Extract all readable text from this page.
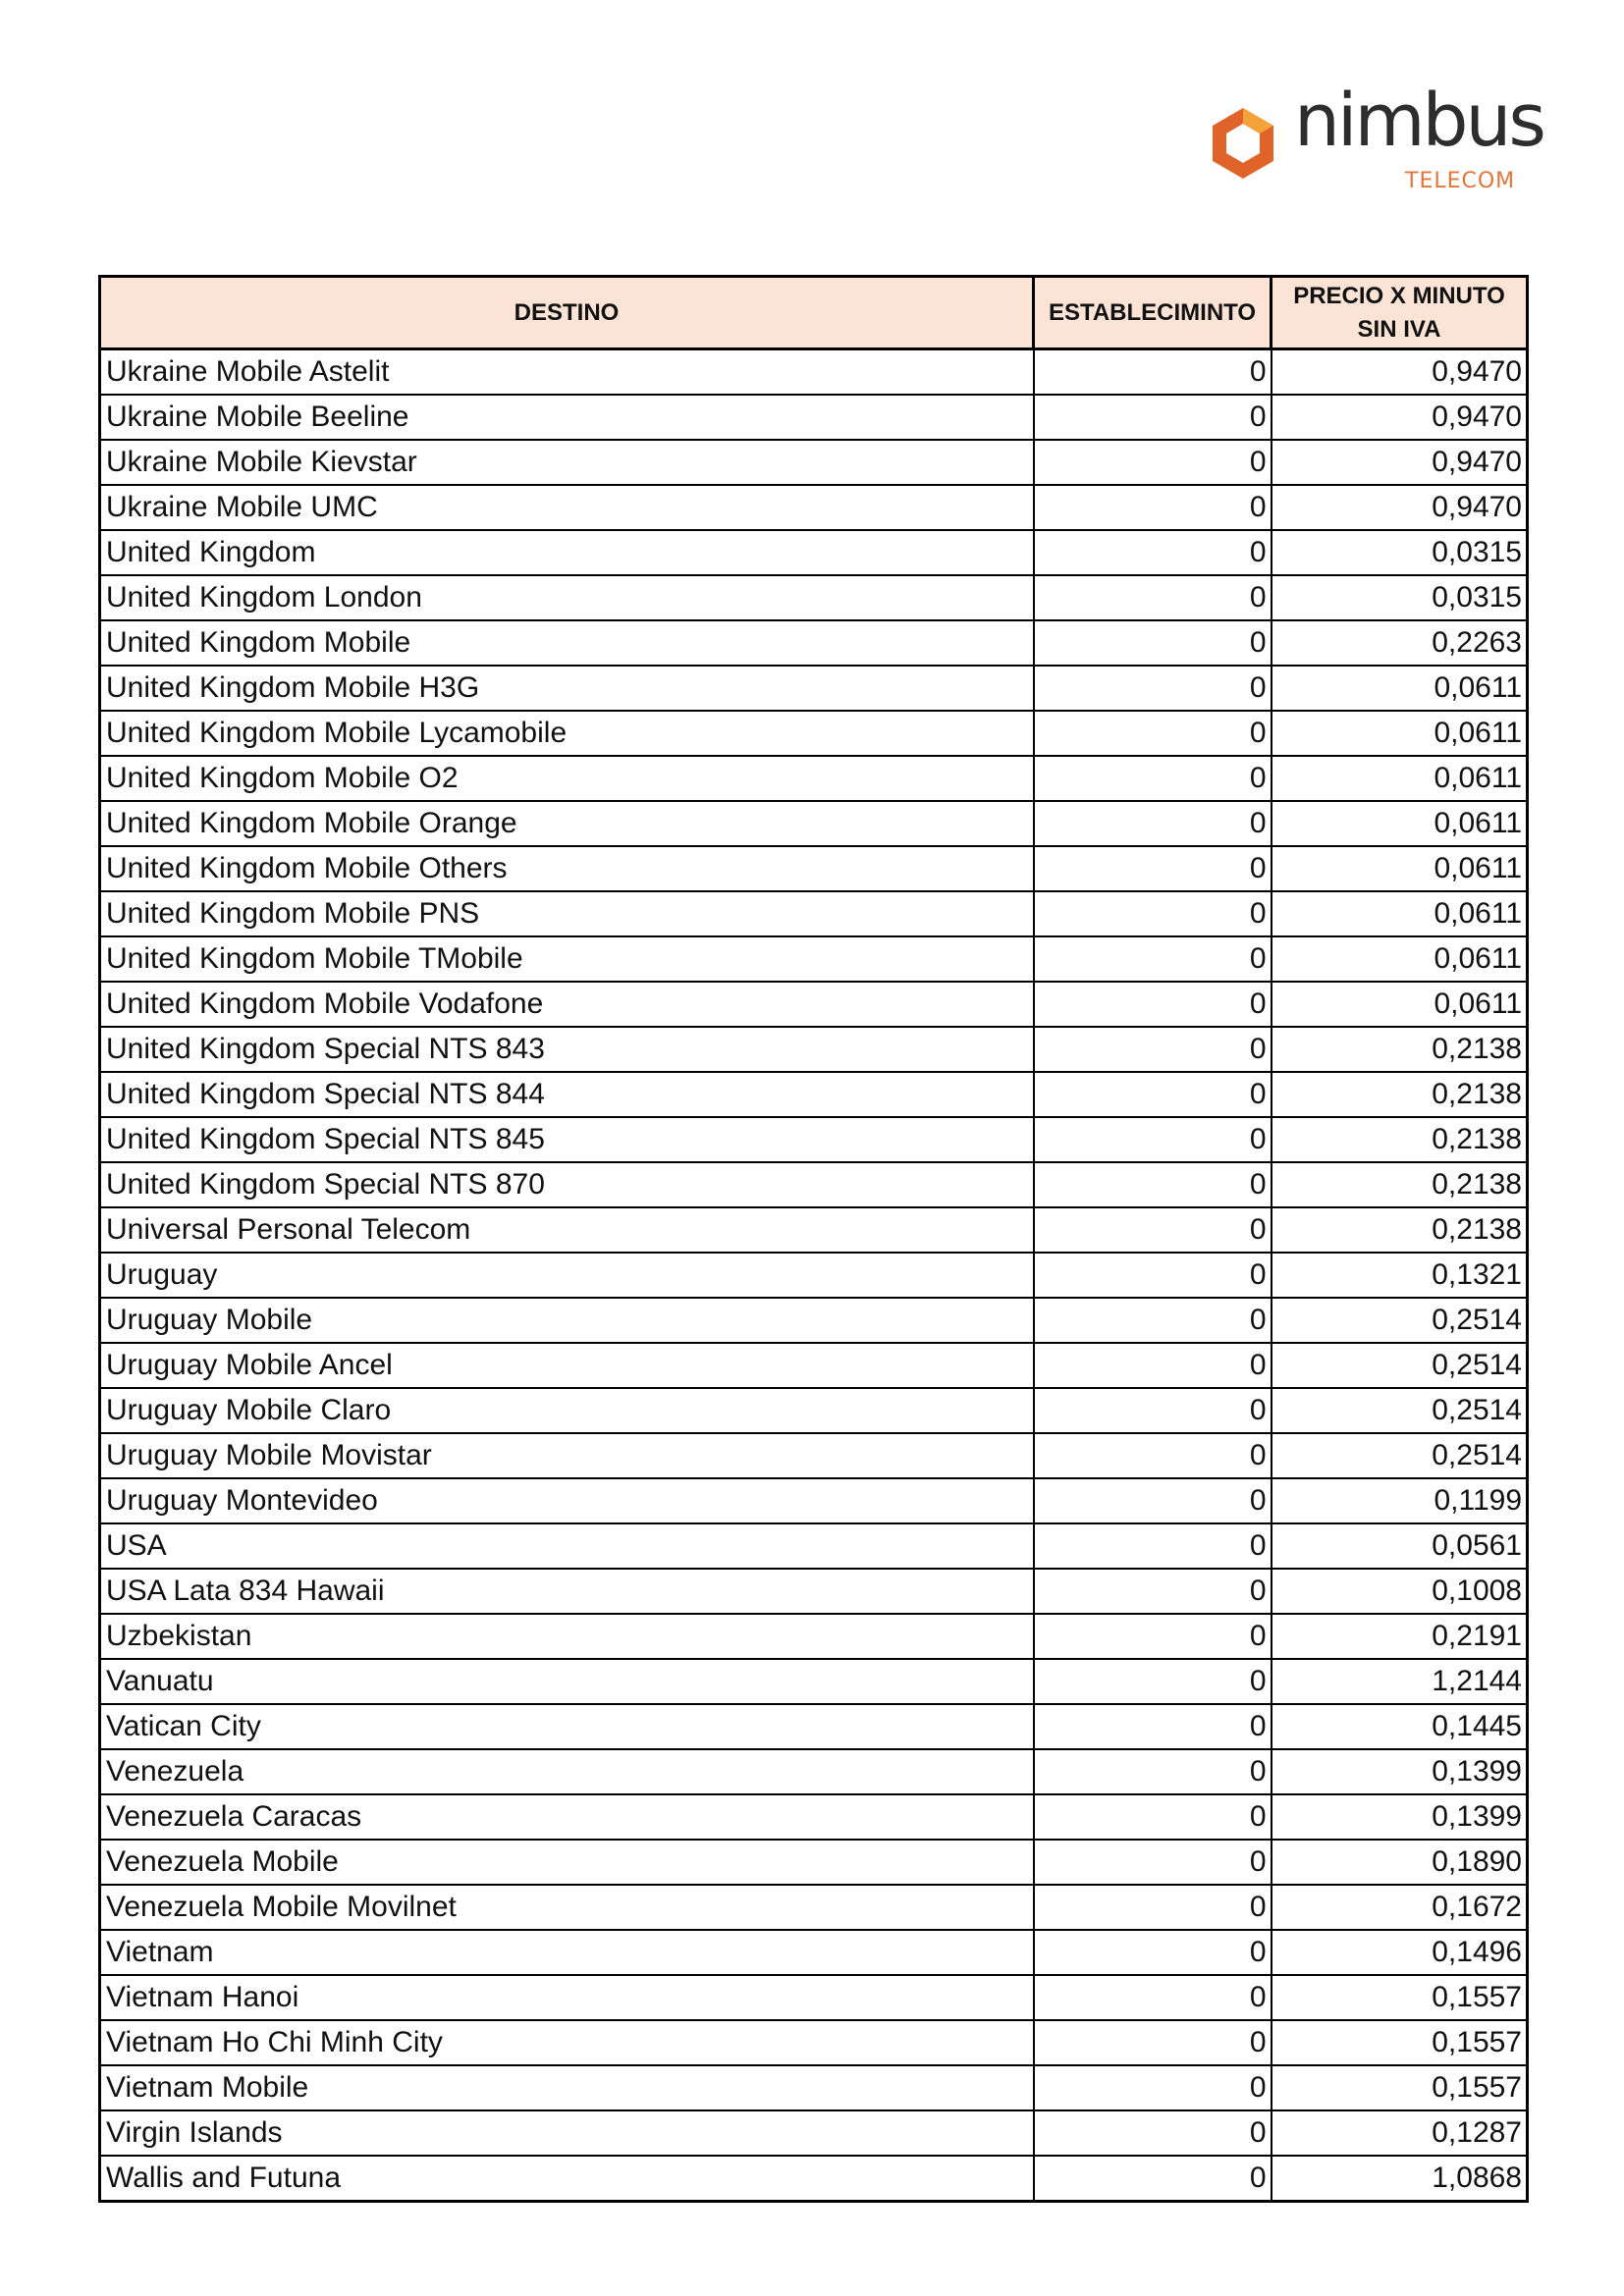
nimbus
TELECOM
DESTINO	ESTABLECIMINTO	PRECIO X MINUTO
SIN IVA

Ukraine Mobile Astelit	0	0,9470
Ukraine Mobile Beeline	0	0,9470
Ukraine Mobile Kievstar	0	0,9470
Ukraine Mobile UMC	0	0,9470
United Kingdom	0	0,0315
United Kingdom London	0	0,0315
United Kingdom Mobile	0	0,2263
United Kingdom Mobile H3G	0	0,0611
United Kingdom Mobile Lycamobile	0	0,0611
United Kingdom Mobile O2	0	0,0611
United Kingdom Mobile Orange	0	0,0611
United Kingdom Mobile Others	0	0,0611
United Kingdom Mobile PNS	0	0,0611
United Kingdom Mobile TMobile	0	0,0611
United Kingdom Mobile Vodafone	0	0,0611
United Kingdom Special NTS 843	0	0,2138
United Kingdom Special NTS 844	0	0,2138
United Kingdom Special NTS 845	0	0,2138
United Kingdom Special NTS 870	0	0,2138
Universal Personal Telecom	0	0,2138
Uruguay	0	0,1321
Uruguay Mobile	0	0,2514
Uruguay Mobile Ancel	0	0,2514
Uruguay Mobile Claro	0	0,2514
Uruguay Mobile Movistar	0	0,2514
Uruguay Montevideo	0	0,1199
USA	0	0,0561
USA Lata 834 Hawaii	0	0,1008
Uzbekistan	0	0,2191
Vanuatu	0	1,2144
Vatican City	0	0,1445
Venezuela	0	0,1399
Venezuela Caracas	0	0,1399
Venezuela Mobile	0	0,1890
Venezuela Mobile Movilnet	0	0,1672
Vietnam	0	0,1496
Vietnam Hanoi	0	0,1557
Vietnam Ho Chi Minh City	0	0,1557
Vietnam Mobile	0	0,1557
Virgin Islands	0	0,1287
Wallis and Futuna	0	1,0868
